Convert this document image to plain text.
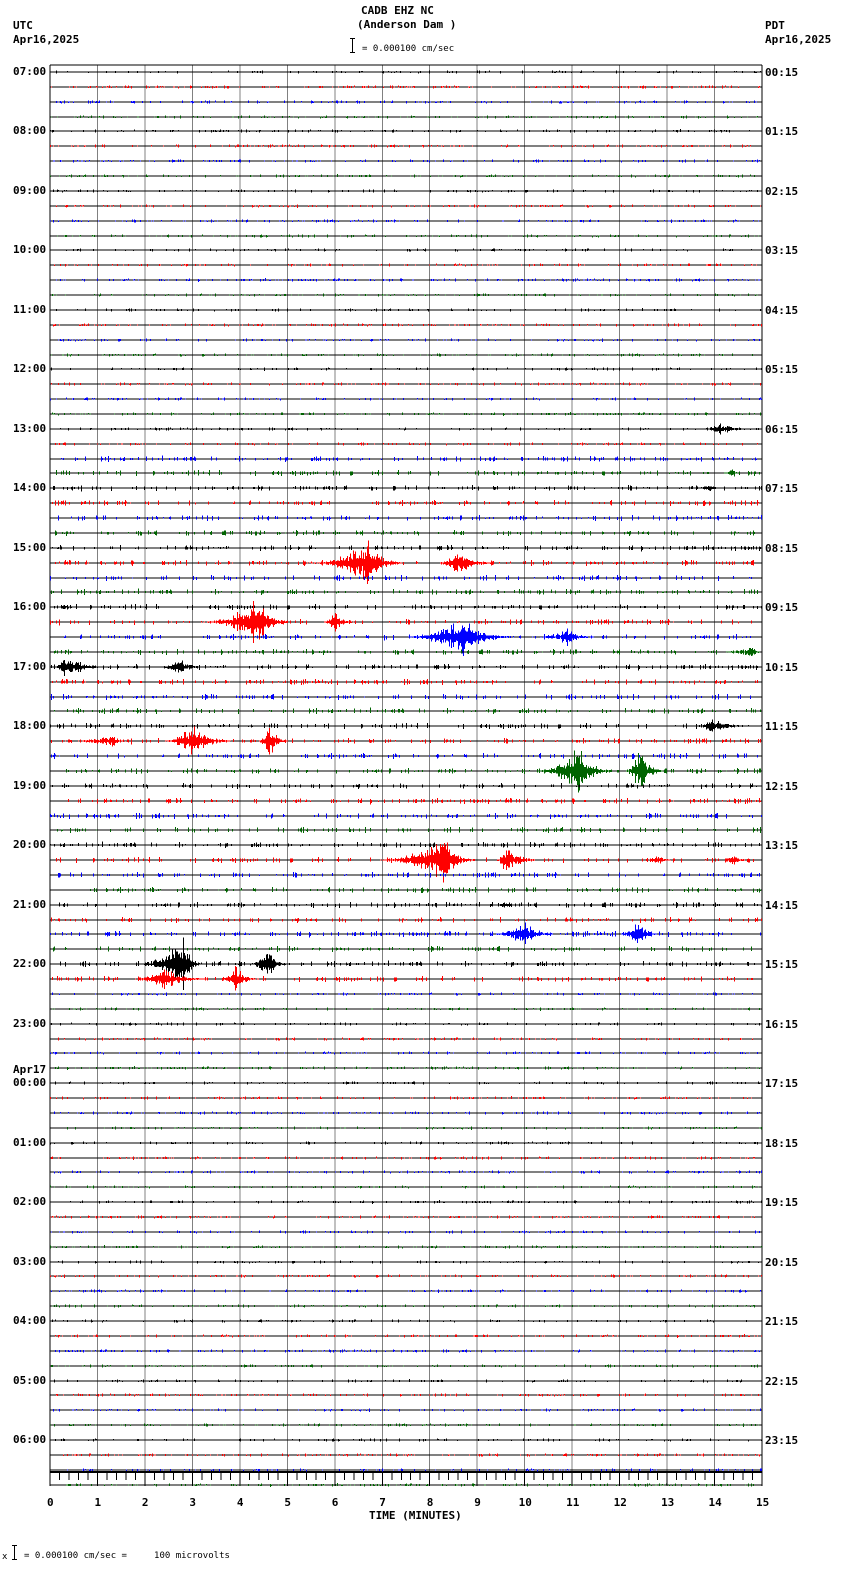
CADB EHZ NC
(Anderson Dam )
UTC
Apr16,2025
PDT
Apr16,2025
= 0.000100 cm/sec
07:00
08:00
09:00
10:00
11:00
12:00
13:00
14:00
15:00
16:00
17:00
18:00
19:00
20:00
21:00
22:00
23:00
00:00
Apr17
01:00
02:00
03:00
04:00
05:00
06:00
00:15
01:15
02:15
03:15
04:15
05:15
06:15
07:15
08:15
09:15
10:15
11:15
12:15
13:15
14:15
15:15
16:15
17:15
18:15
19:15
20:15
21:15
22:15
23:15
0	1	2	3	4	5	6	7	8	9	10	11	12	13	14	15
TIME (MINUTES)
x = 0.000100 cm/sec =     100 microvolts
